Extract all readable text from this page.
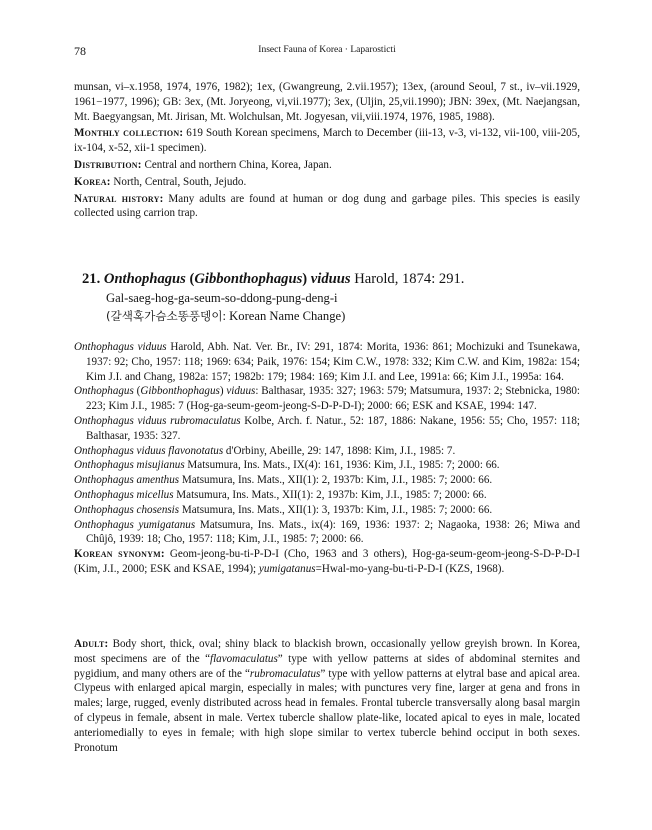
78	Insect Fauna of Korea · Laparosticti

munsan, vi–x.1958, 1974, 1976, 1982); 1ex, (Gwangreung, 2.vii.1957); 13ex, (around Seoul, 7 st., iv–vii.1929, 1961−1977, 1996); GB: 3ex, (Mt. Joryeong, vi,vii.1977); 3ex, (Uljin, 25,vii.1990); JBN: 39ex, (Mt. Naejangsan, Mt. Baegyangsan, Mt. Jirisan, Mt. Wolchulsan, Mt. Jogyesan, vii,viii.1974, 1976, 1985, 1988).

Monthly collection: 619 South Korean specimens, March to December (iii-13, v-3, vi-132, vii-100, viii-205, ix-104, x-52, xii-1 specimen).

Distribution: Central and northern China, Korea, Japan.

Korea: North, Central, South, Jejudo.

Natural history: Many adults are found at human or dog dung and garbage piles. This species is easily collected using carrion trap.

21. Onthophagus (Gibbonthophagus) viduus Harold, 1874: 291.
Gal-saeg-hog-ga-seum-so-ddong-pung-deng-i
(갈색혹가슴소똥풍뎅이: Korean Name Change)

Onthophagus viduus Harold, Abh. Nat. Ver. Br., IV: 291, 1874: Morita, 1936: 861; Mochizuki and Tsunekawa, 1937: 92; Cho, 1957: 118; 1969: 634; Paik, 1976: 154; Kim C.W., 1978: 332; Kim C.W. and Kim, 1982a: 154; Kim J.I. and Chang, 1982a: 157; 1982b: 179; 1984: 169; Kim J.I. and Lee, 1991a: 66; Kim J.I., 1995a: 164.

Onthophagus (Gibbonthophagus) viduus: Balthasar, 1935: 327; 1963: 579; Matsumura, 1937: 2; Stebnicka, 1980: 223; Kim J.I., 1985: 7 (Hog-ga-seum-geom-jeong-S-D-P-D-I); 2000: 66; ESK and KSAE, 1994: 147.

Onthophagus viduus rubromaculatus Kolbe, Arch. f. Natur., 52: 187, 1886: Nakane, 1956: 55; Cho, 1957: 118; Balthasar, 1935: 327.

Onthophagus viduus flavonotatus d'Orbiny, Abeille, 29: 147, 1898: Kim, J.I., 1985: 7.

Onthophagus misujianus Matsumura, Ins. Mats., IX(4): 161, 1936: Kim, J.I., 1985: 7; 2000: 66.

Onthophagus amenthus Matsumura, Ins. Mats., XII(1): 2, 1937b: Kim, J.I., 1985: 7; 2000: 66.

Onthophagus micellus Matsumura, Ins. Mats., XII(1): 2, 1937b: Kim, J.I., 1985: 7; 2000: 66.

Onthophagus chosensis Matsumura, Ins. Mats., XII(1): 3, 1937b: Kim, J.I., 1985: 7; 2000: 66.

Onthophagus yumigatanus Matsumura, Ins. Mats., ix(4): 169, 1936: 1937: 2; Nagaoka, 1938: 26; Miwa and Chûjô, 1939: 18; Cho, 1957: 118; Kim, J.I., 1985: 7; 2000: 66.

Korean synonym: Geom-jeong-bu-ti-P-D-I (Cho, 1963 and 3 others), Hog-ga-seum-geom-jeong-S-D-P-D-I (Kim, J.I., 2000; ESK and KSAE, 1994); yumigatanus=Hwal-mo-yang-bu-ti-P-D-I (KZS, 1968).

Adult: Body short, thick, oval; shiny black to blackish brown, occasionally yellow greyish brown. In Korea, most specimens are of the “flavomaculatus” type with yellow patterns at sides of abdominal sternites and pygidium, and many others are of the “rubromaculatus” type with yellow patterns at elytral base and apical area. Clypeus with enlarged apical margin, especially in males; with punctures very fine, larger at gena and frons in males; large, rugged, evenly distributed across head in females. Frontal tubercle transversally along basal margin of clypeus in female, absent in male. Vertex tubercle shallow plate-like, located apical to eyes in male, located anteriomedially to eyes in female; with high slope similar to vertex tubercle behind occiput in both sexes. Pronotum
